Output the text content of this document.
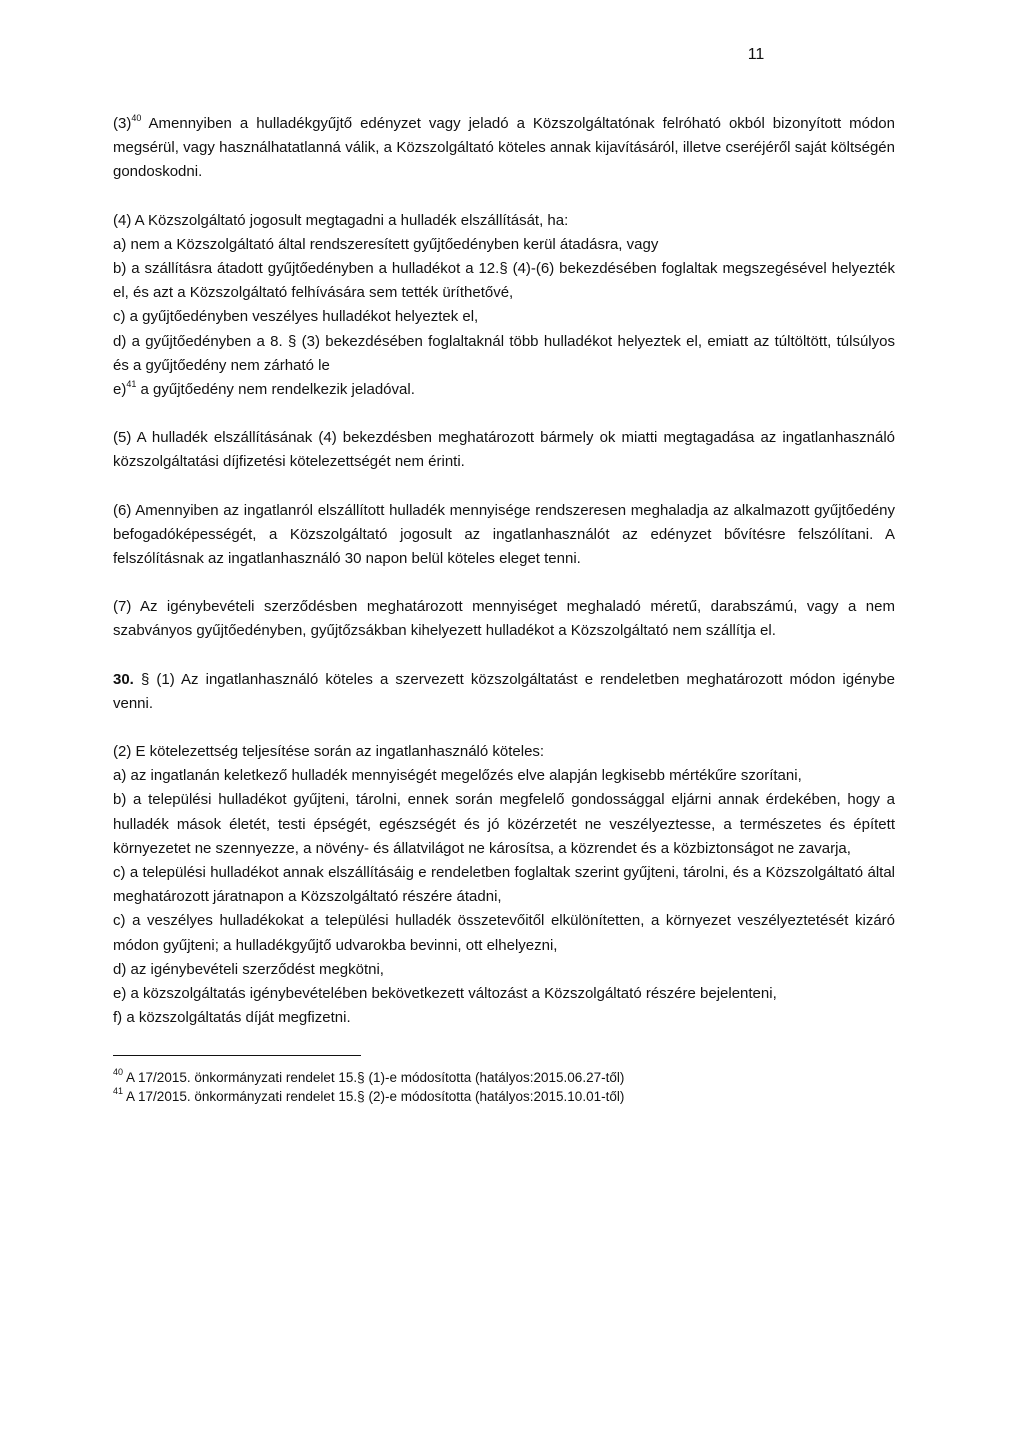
11

$(3)^{40}$ Amennyiben a hulladékgyűjtő edényzet vagy jeladó a Közszolgáltatónak felróható okból bizonyított módon megsérül, vagy használhatatlanná válik, a Közszolgáltató köteles annak kijavításáról, illetve cseréjéről saját költségén gondoskodni.

(4) A Közszolgáltató jogosult megtagadni a hulladék elszállítását, ha:
a) nem a Közszolgáltató által rendszeresített gyűjtőedényben kerül átadásra, vagy
b) a szállításra átadott gyűjtőedényben a hulladékot a 12.§ (4)-(6) bekezdésében foglaltak megszegésével helyezték el, és azt a Közszolgáltató felhívására sem tették üríthetővé,
c) a gyűjtőedényben veszélyes hulladékot helyeztek el,
d) a gyűjtőedényben a 8. § (3) bekezdésében foglaltaknál több hulladékot helyeztek el, emiatt az túltöltött, túlsúlyos és a gyűjtőedény nem zárható le
e)$^{41}$ a gyűjtőedény nem rendelkezik jeladóval.

(5) A hulladék elszállításának (4) bekezdésben meghatározott bármely ok miatti megtagadása az ingatlanhasználó közszolgáltatási díjfizetési kötelezettségét nem érinti.

(6) Amennyiben az ingatlanról elszállított hulladék mennyisége rendszeresen meghaladja az alkalmazott gyűjtőedény befogadóképességét, a Közszolgáltató jogosult az ingatlanhasználót az edényzet bővítésre felszólítani. A felszólításnak az ingatlanhasználó 30 napon belül köteles eleget tenni.

(7) Az igénybevételi szerződésben meghatározott mennyiséget meghaladó méretű, darabszámú, vagy a nem szabványos gyűjtőedényben, gyűjtőzsákban kihelyezett hulladékot a Közszolgáltató nem szállítja el.

30. § (1) Az ingatlanhasználó köteles a szervezett közszolgáltatást e rendeletben meghatározott módon igénybe venni.

(2) E kötelezettség teljesítése során az ingatlanhasználó köteles:
a) az ingatlanán keletkező hulladék mennyiségét megelőzés elve alapján legkisebb mértékűre szorítani,
b) a települési hulladékot gyűjteni, tárolni, ennek során megfelelő gondossággal eljárni annak érdekében, hogy a hulladék mások életét, testi épségét, egészségét és jó közérzetét ne veszélyeztesse, a természetes és épített környezetet ne szennyezze, a növény- és állatvilágot ne károsítsa, a közrendet és a közbiztonságot ne zavarja,
c) a települési hulladékot annak elszállításáig e rendeletben foglaltak szerint gyűjteni, tárolni, és a Közszolgáltató által meghatározott járatnapon a Közszolgáltató részére átadni,
c) a veszélyes hulladékokat a települési hulladék összetevőitől elkülönítetten, a környezet veszélyeztetését kizáró módon gyűjteni; a hulladékgyűjtő udvarokba bevinni, ott elhelyezni,
d) az igénybevételi szerződést megkötni,
e) a közszolgáltatás igénybevételében bekövetkezett változást a Közszolgáltató részére bejelenteni,
f) a közszolgáltatás díját megfizetni.
$^{40}$ A 17/2015. önkormányzati rendelet 15.§ (1)-e módosította (hatályos:2015.06.27-től)
$^{41}$ A 17/2015. önkormányzati rendelet 15.§ (2)-e módosította (hatályos:2015.10.01-től)
